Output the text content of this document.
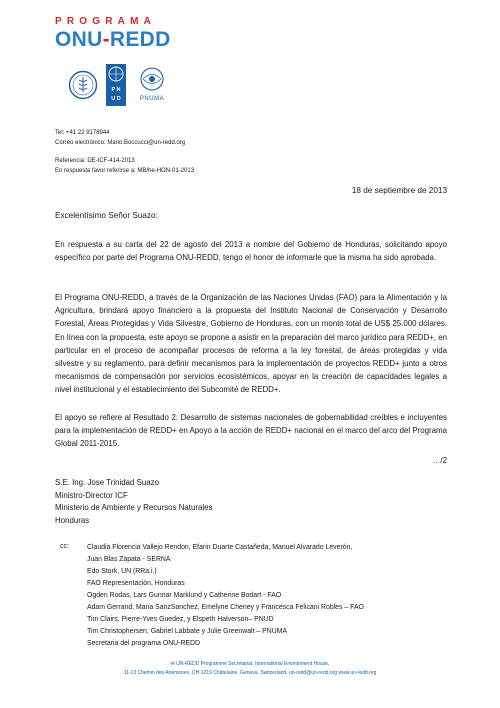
PROGRAMA
ONU-REDD
P N
U D	PNUMA
Tel: +41 22 9178944
Correo electrónico: Mario.Boccucci@un-redd.org
Referencia: DE-ICF-414-2013
En respuesta favor referirse a: MB/he-HON-01-2013
18 de septiembre de 2013
Excelentísimo Señor Suazo:

En respuesta a su carta del 22 de agosto del 2013 a nombre del Gobierno de Honduras, solicitando apoyo específico por parte del Programa ONU-REDD, tengo el honor de informarle que la misma ha sido aprobada.

El Programa ONU-REDD, a través de la Organización de las Naciones Unidas (FAO) para la Alimentación y la Agricultura, brindará apoyo financiero a la propuesta del Instituto Nacional de Conservación y Desarrollo Forestal, Áreas Protegidas y Vida Silvestre, Gobierno de Honduras, con un monto total de US$ 25.000 dólares. En línea con la propuesta, este apoyo se propone a asistir en la preparación del marco jurídico para REDD+, en particular en el proceso de acompañar procesos de reforma a la ley forestal, de áreas protegidas y vida silvestre y su reglamento, para definir mecanismos para la implementación de proyectos REDD+ junto a otros mecanismos de compensación por servicios ecosistémicos, apoyar en la creación de capacidades legales a nivel institucional y el establecimiento del Subcomité de REDD+.

El apoyo se refiere al Resultado 2: Desarrollo de sistemas nacionales de gobernabilidad creíbles e incluyentes para la implementación de REDD+ en Apoyo a la acción de REDD+ nacional en el marco del arco del Programa Global 2011-2015.

…/2
S.E. Ing. Jose Trinidad Suazo
Ministro-Director ICF
Ministerio de Ambiente y Recursos Naturales
Honduras
cc:	Claudia Florencia Vallejo Rendon, Efarin Duarte Castañeda, Manuel Alvarado Leverón,
Juan Blas Zapata - SERNA
Edo Stork, UN (RRa.i.)
FAO Representación, Honduras
Ogden Rodas, Lars Gunnar Marklund y Catherine Bodart - FAO
Adam Gerrand, Maria SanzSanchez, Emelyne Cheney y Francesca Felicani Robles – FAO
Tim Clairs, Pierre-Yves Guedez, y Elspeth Halverson– PNUD
Tim Christophersen, Gabriel Labbate y Julie Greenwalt – PNUMA
Secretaria del programa ONU-REDD
✉ UN-REDD Programme Secretariat, International Environment House,
11-13 Chemin des Anémones, CH-1219 Châtelaine, Geneva, Switzerland, un-redd@un-redd.org www.un-redd.org
